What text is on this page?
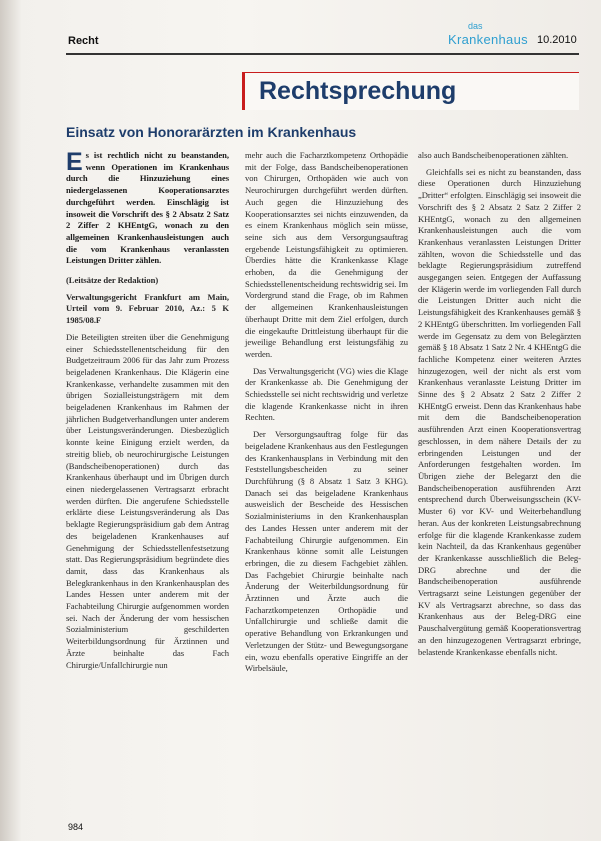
Recht
das
Krankenhaus 10.2010
Rechtsprechung
Einsatz von Honorarärzten im Krankenhaus

Es ist rechtlich nicht zu beanstanden, wenn Operationen im Krankenhaus durch die Hinzuziehung eines niedergelassenen Kooperationsarztes durchgeführt werden. Einschlägig ist insoweit die Vorschrift des § 2 Absatz 2 Satz 2 Ziffer 2 KHEntgG, wonach zu den allgemeinen Krankenhausleistungen auch die vom Krankenhaus veranlassten Leistungen Dritter zählen.

(Leitsätze der Redaktion)

Verwaltungsgericht Frankfurt am Main, Urteil vom 9. Februar 2010, Az.: 5 K 1985/08.F

Die Beteiligten streiten über die Genehmigung einer Schiedsstellenentscheidung für den Budgetzeitraum 2006 für das Jahr zum Prozess beigeladenen Krankenhaus. Die Klägerin eine Krankenkasse, verhandelte zusammen mit den übrigen Sozialleistungsträgern mit dem beigeladenen Krankenhaus im Rahmen der jährlichen Budgetverhandlungen unter anderem über Leistungsveränderungen. Diesbezüglich konnte keine Einigung erzielt werden, da streitig blieb, ob neurochirurgische Leistungen (Bandscheibenoperationen) durch das Krankenhaus überhaupt und im Übrigen durch einen niedergelassenen Vertragsarzt erbracht werden dürften. Die angerufene Schiedsstelle erklärte diese Leistungsveränderung als Das beklagte Regierungspräsidium gab dem Antrag des beigeladenen Krankenhauses auf Genehmigung der Schiedsstellenfestsetzung statt. Das Regierungspräsidium begründete dies damit, dass das Krankenhaus als Belegkrankenhaus in den Krankenhausplan des Landes Hessen unter anderem mit der Fachabteilung Chirurgie aufgenommen worden sei. Nach der Änderung der vom hessischen Sozialministerium geschilderten Weiterbildungsordnung für Ärztinnen und Ärzte beinhalte das Fach Chirurgie/Unfallchirurgie nun

mehr auch die Facharztkompetenz Orthopädie mit der Folge, dass Bandscheibenoperationen von Chirurgen, Orthopäden wie auch von Neurochirurgen durchgeführt werden dürften. Auch gegen die Hinzuziehung des Kooperationsarztes sei nichts einzuwenden, da es einem Krankenhaus möglich sein müsse, seine sich aus dem Versorgungsauftrag ergebende Leistungsfähigkeit zu optimieren. Überdies hätte die Krankenkasse Klage erhoben, da die Genehmigung der Schiedsstellenentscheidung rechtswidrig sei. Im Vordergrund stand die Frage, ob im Rahmen der allgemeinen Krankenhausleistungen überhaupt Dritte mit dem Ziel erfolgen, durch die eingekaufte Drittleistung überhaupt für die jeweilige Behandlung erst leistungsfähig zu werden.

Das Verwaltungsgericht (VG) wies die Klage der Krankenkasse ab. Die Genehmigung der Schiedsstelle sei nicht rechtswidrig und verletze die klagende Krankenkasse nicht in ihren Rechten.

Der Versorgungsauftrag folge für das beigeladene Krankenhaus aus den Festlegungen des Krankenhausplans in Verbindung mit den Feststellungsbescheiden zu seiner Durchführung (§ 8 Absatz 1 Satz 3 KHG). Danach sei das beigeladene Krankenhaus ausweislich der Bescheide des Hessischen Sozialministeriums in den Krankenhausplan des Landes Hessen unter anderem mit der Fachabteilung Chirurgie aufgenommen. Ein Krankenhaus könne somit alle Leistungen erbringen, die zu diesem Fachgebiet zählen. Das Fachgebiet Chirurgie beinhalte nach Änderung der Weiterbildungsordnung für Ärztinnen und Ärzte auch die Facharztkompetenzen Orthopädie und Unfallchirurgie und schließe damit die operative Behandlung von Erkrankungen und Verletzungen der Stütz- und Bewegungsorgane ein, wozu ebenfalls operative Eingriffe an der Wirbelsäule,

also auch Bandscheibenoperationen zählten.

Gleichfalls sei es nicht zu beanstanden, dass diese Operationen durch Hinzuziehung „Dritter“ erfolgten. Einschlägig sei insoweit die Vorschrift des § 2 Absatz 2 Satz 2 Ziffer 2 KHEntgG, wonach zu den allgemeinen Krankenhausleistungen auch die vom Krankenhaus veranlassten Leistungen Dritter zählten, wovon die Schiedsstelle und das beklagte Regierungspräsidium zutreffend ausgegangen seien. Entgegen der Auffassung der Klägerin werde im vorliegenden Fall durch die Leistungen Dritter auch nicht die Leistungsfähigkeit des Krankenhauses gemäß § 2 KHEntgG überschritten. Im vorliegenden Fall werde im Gegensatz zu dem von Belegärzten gemäß § 18 Absatz 1 Satz 2 Nr. 4 KHEntgG die fachliche Kompetenz einer weiteren Arztes hinzugezogen, weil der nicht als erst vom Krankenhaus veranlasste Leistung Dritter im Sinne des § 2 Absatz 2 Satz 2 Ziffer 2 KHEntgG erweist. Denn das Krankenhaus habe mit dem die Bandscheibenoperation ausführenden Arzt einen Kooperationsvertrag geschlossen, in dem nähere Details der zu erbringenden Leistungen und der Anforderungen festgehalten worden. Im Übrigen ziehe der Belegarzt den die Bandscheibenoperation ausführenden Arzt entsprechend durch Überweisungsschein (KV-Muster 6) vor KV- und Weiterbehandlung heran. Aus der konkreten Leistungsabrechnung erfolge für die klagende Krankenkasse zudem kein Nachteil, da das Krankenhaus gegenüber der Krankenkasse ausschließlich die Beleg-DRG abrechne und der die Bandscheibenoperation ausführende Vertragsarzt seine Leistungen gegenüber der KV als Vertragsarzt abrechne, so dass das Krankenhaus aus der Beleg-DRG eine Pauschalvergütung gemäß Kooperationsvertrag an den hinzugezogenen Vertragsarzt erbringe, belastende Krankenkasse ebenfalls nicht.

984
